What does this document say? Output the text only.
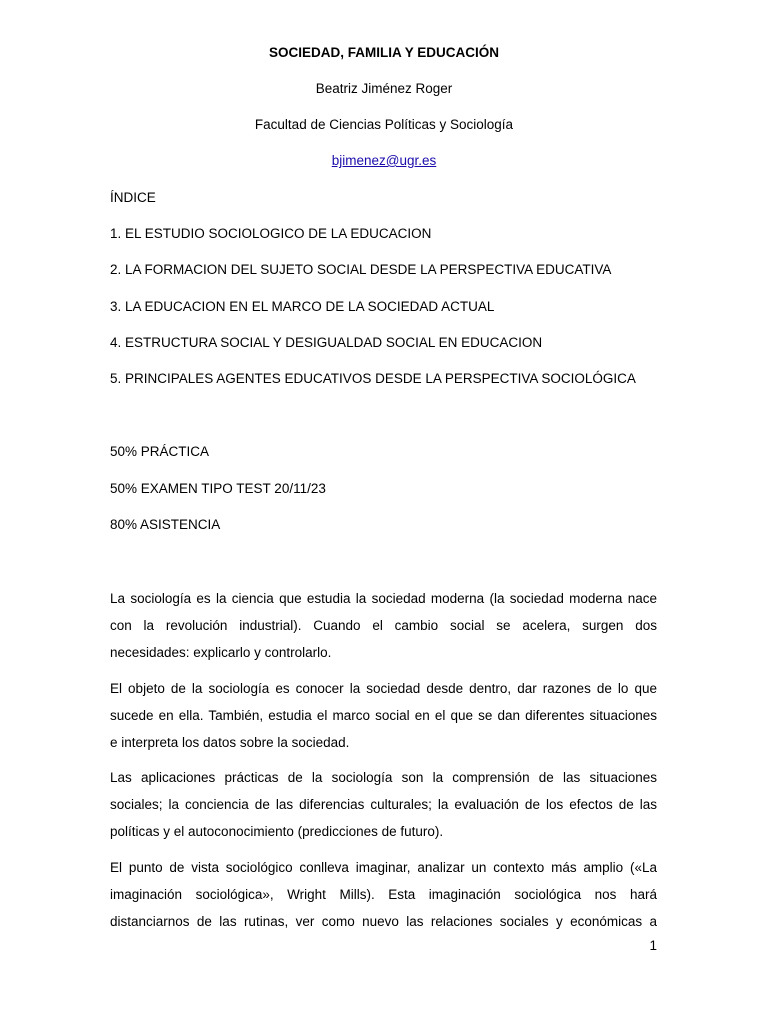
SOCIEDAD, FAMILIA Y EDUCACIÓN
Beatriz Jiménez Roger
Facultad de Ciencias Políticas y Sociología
bjimenez@ugr.es
ÍNDICE
1. EL ESTUDIO SOCIOLOGICO DE LA EDUCACION
2. LA FORMACION DEL SUJETO SOCIAL DESDE LA PERSPECTIVA EDUCATIVA
3. LA EDUCACION EN EL MARCO DE LA SOCIEDAD ACTUAL
4. ESTRUCTURA SOCIAL Y DESIGUALDAD SOCIAL EN EDUCACION
5. PRINCIPALES AGENTES EDUCATIVOS DESDE LA PERSPECTIVA SOCIOLÓGICA
50% PRÁCTICA
50% EXAMEN TIPO TEST 20/11/23
80% ASISTENCIA
La sociología es la ciencia que estudia la sociedad moderna (la sociedad moderna nace
con la revolución industrial). Cuando el cambio social se acelera, surgen dos
necesidades: explicarlo y controlarlo.
El objeto de la sociología es conocer la sociedad desde dentro, dar razones de lo que
sucede en ella. También, estudia el marco social en el que se dan diferentes situaciones
e interpreta los datos sobre la sociedad.
Las aplicaciones prácticas de la sociología son la comprensión de las situaciones
sociales; la conciencia de las diferencias culturales; la evaluación de los efectos de las
políticas y el autoconocimiento (predicciones de futuro).
El punto de vista sociológico conlleva imaginar, analizar un contexto más amplio («La
imaginación sociológica», Wright Mills). Esta imaginación sociológica nos hará
distanciarnos de las rutinas, ver como nuevo las relaciones sociales y económicas a
1
